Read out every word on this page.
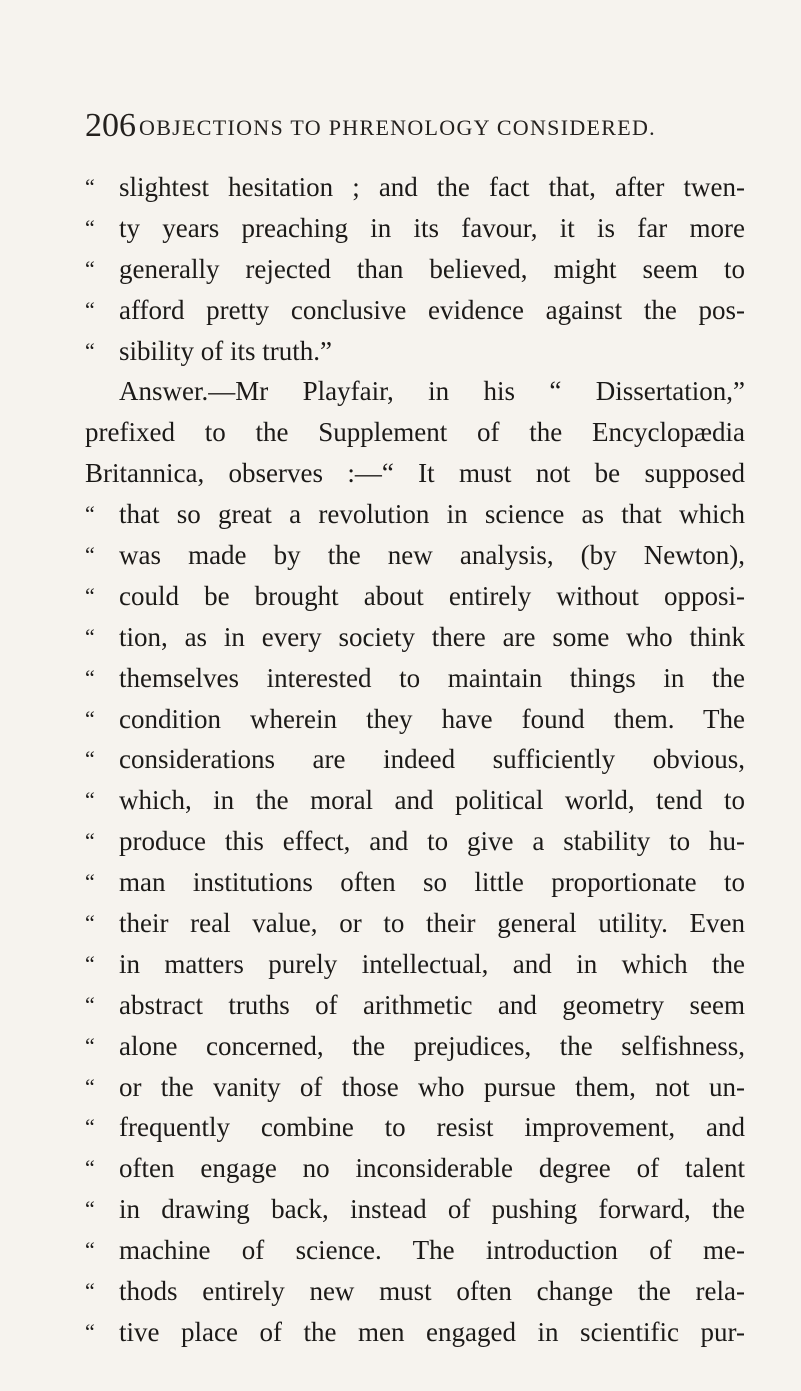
206 OBJECTIONS TO PHRENOLOGY CONSIDERED.
“ slightest hesitation ; and the fact that, after twen-
“ ty years preaching in its favour, it is far more
“ generally rejected than believed, might seem to
“ afford pretty conclusive evidence against the pos-
“ sibility of its truth.”
Answer.—Mr Playfair, in his “ Dissertation,”
prefixed to the Supplement of the Encyclopædia
Britannica, observes :—“ It must not be supposed
“ that so great a revolution in science as that which
“ was made by the new analysis, (by Newton),
“ could be brought about entirely without opposi-
“ tion, as in every society there are some who think
“ themselves interested to maintain things in the
“ condition wherein they have found them. The
“ considerations are indeed sufficiently obvious,
“ which, in the moral and political world, tend to
“ produce this effect, and to give a stability to hu-
“ man institutions often so little proportionate to
“ their real value, or to their general utility. Even
“ in matters purely intellectual, and in which the
“ abstract truths of arithmetic and geometry seem
“ alone concerned, the prejudices, the selfishness,
“ or the vanity of those who pursue them, not un-
“ frequently combine to resist improvement, and
“ often engage no inconsiderable degree of talent
“ in drawing back, instead of pushing forward, the
“ machine of science. The introduction of me-
“ thods entirely new must often change the rela-
“ tive place of the men engaged in scientific pur-
